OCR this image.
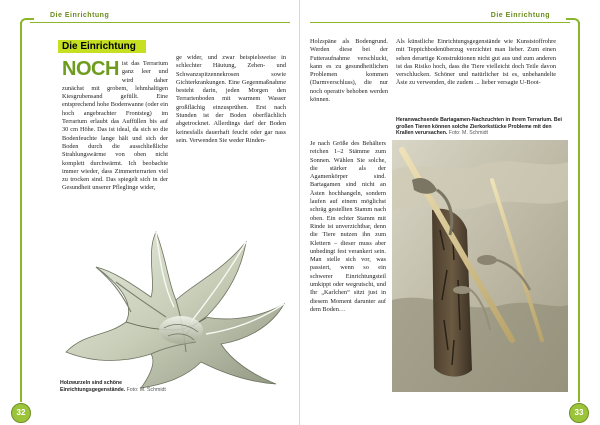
Die Einrichtung
Die Einrichtung
NOCH ist das Terrarium ganz leer und wird daher zunächst mit grobem, lehmhaltigen Kiesgrubensand gefüllt. Eine entsprechend hohe Bodenwanne (oder ein hoch angebrachter Frontsteg) im Terrarium erlaubt das Auffüllen bis auf 30 cm Höhe. Das ist ideal, da sich so die Bodenfeuchte lange hält und sich der Boden durch die ausschließliche Strahlungswärme von oben nicht komplett durchwärmt. Ich beobachte immer wieder, dass Zimmerterrarien viel zu trocken sind. Das spiegelt sich in der Gesundheit unserer Pfleglinge wider,

ge wider, und zwar beispielsweise in schlechter Häutung, Zehen- und Schwanzspitzennekrosen sowie Gichterkrankungen. Eine Gegenmaßnahme besteht darin, jeden Morgen den Terrarienboden mit warmem Wasser großflächig einzusprühen. Erst nach Stunden ist der Boden oberflächlich abgetrocknet. Allerdings darf der Boden keinesfalls dauerhaft feucht oder gar nass sein. Verwenden Sie weder Rinden-

Holzwurzeln sind schöne Einrichtungsgegenstände. Foto: M. Schmidt
32
Die Einrichtung

Holzspäne als Bodengrund. Werden diese bei der Futteraufnahme verschluckt, kann es zu gesundheitlichen Problemen kommen (Darmverschluss), die nur noch operativ behoben werden können.

Als künstliche Einrichtungsgegenstände wie Kunststoffrohre mit Teppichbodenüberzug verzichtet man lieber. Zum einen sehen derartige Konstruktionen nicht gut aus und zum anderen ist das Risiko hoch, dass die Tiere vielleicht doch Teile davon verschlucken. Schöner und natürlicher ist es, unbehandelte Äste zu verwenden, die zudem ... lieber versagte U-Boot-

Heranwachsende Bartagamen-Nachzuchten in ihrem Terrarium. Bei großen Tieren können solche Zierkorkstücke Probleme mit den Krallen verursachen. Foto: M. Schmidt

Je nach Größe des Behälters reichen 1–2 Stämme zum Sonnen. Wählen Sie solche, die stärker als der Agamenkörper sind. Bartagamen sind nicht an Ästen hochhangeln, sondern laufen auf einem möglichst schräg gestellten Stamm nach oben. Ein echter Stamm mit Rinde ist unverzichtbar, denn die Tiere nutzen ihn zum Klettern – dieser muss aber unbedingt fest verankert sein. Man stelle sich vor, was passiert, wenn so ein schwerer Einrichtungsteil umkippt oder wegrutscht, und Ihr „Karlchen“ sitzt just in diesem Moment darunter auf dem Boden…

33
